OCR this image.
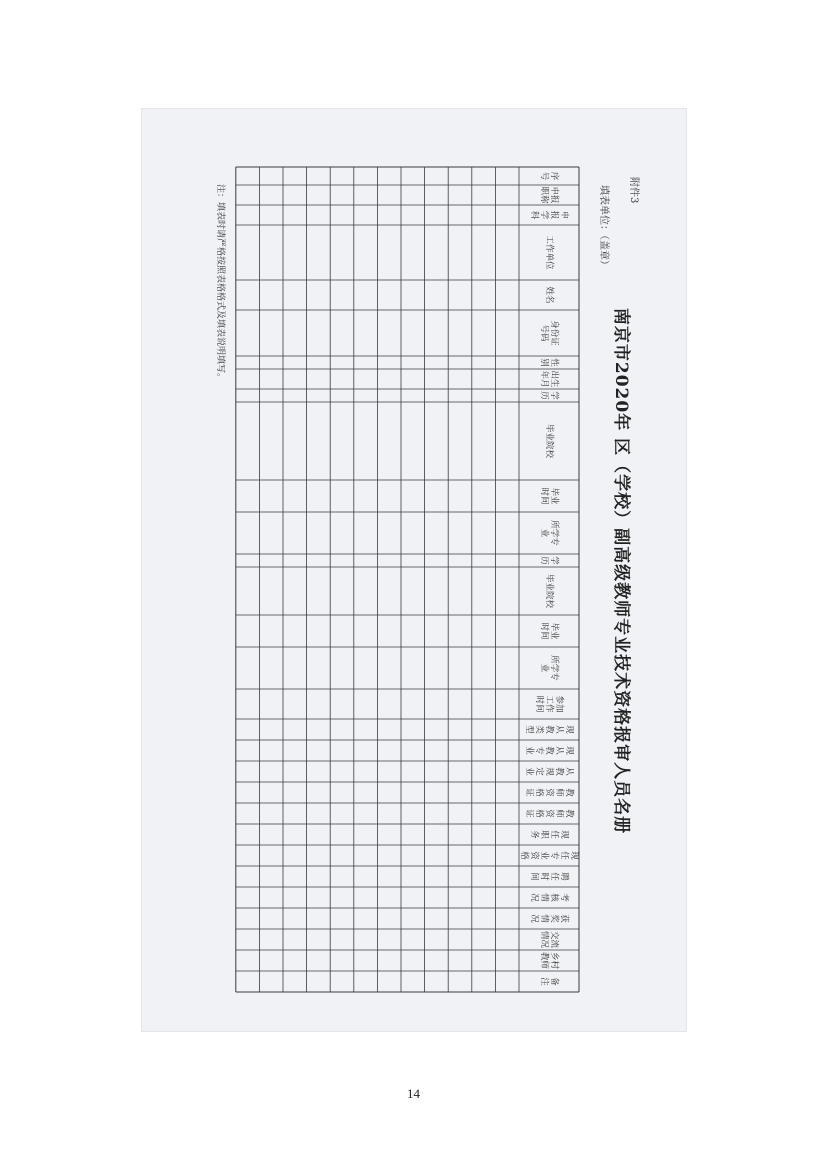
附件3
南京市2020年 区（学校）副高级教师专业技术资格报审人员名册
填表单位：（盖章）
序
号
申报
职称
申
报
学
科
工作单位
姓名
身份证
号码
性
别
出生
年月
学
历
毕业院校
毕业
时间
所学专
业
学
历
毕业院校
毕业
时间
所学专
业
参加
工作
时间
现
从
教
类
型
现
从
教
专
业
从
教
规
定
业
教
师
资
格
证
教
师
资
格
证
现
任
职
务
现
任
专
业
资
格
聘
任
时
间
考
核
情
况
获
奖
情
况
交流
情况
乡村
教师
备
注
注：填表时请严格按照表格格式及填表说明填写。
14
